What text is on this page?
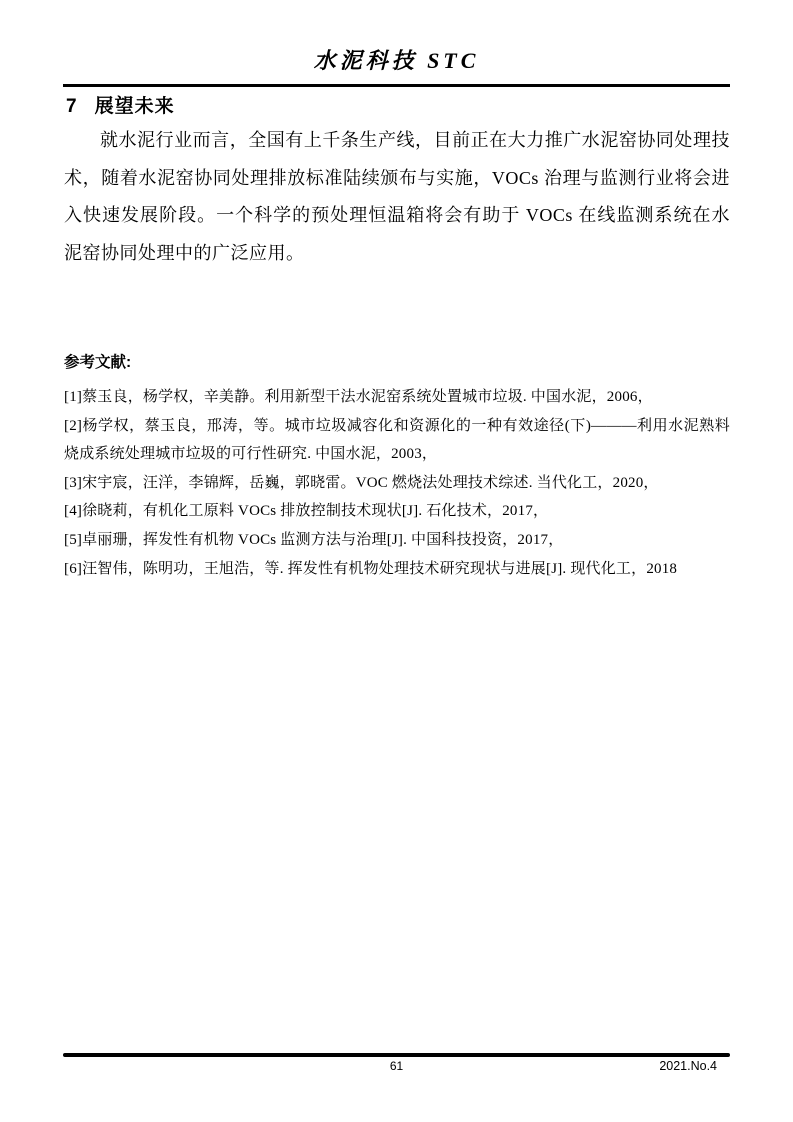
水泥科技 STC
7 展望未来

就水泥行业而言，全国有上千条生产线，目前正在大力推广水泥窑协同处理技术，随着水泥窑协同处理排放标准陆续颁布与实施，VOCs 治理与监测行业将会进入快速发展阶段。一个科学的预处理恒温箱将会有助于 VOCs 在线监测系统在水泥窑协同处理中的广泛应用。

参考文献:
[1]蔡玉良，杨学权，辛美静。利用新型干法水泥窑系统处置城市垃圾. 中国水泥，2006，
[2]杨学权，蔡玉良，邢涛，等。城市垃圾减容化和资源化的一种有效途径(下)———利用水泥熟料烧成系统处理城市垃圾的可行性研究. 中国水泥，2003，
[3]宋宇宸，汪洋，李锦辉，岳巍，郭晓雷。VOC 燃烧法处理技术综述. 当代化工，2020，
[4]徐晓莉，有机化工原料 VOCs 排放控制技术现状[J]. 石化技术，2017，
[5]卓丽珊，挥发性有机物 VOCs 监测方法与治理[J]. 中国科技投资，2017，
[6]汪智伟，陈明功，王旭浩，等. 挥发性有机物处理技术研究现状与进展[J]. 现代化工，2018
61	2021.No.4
